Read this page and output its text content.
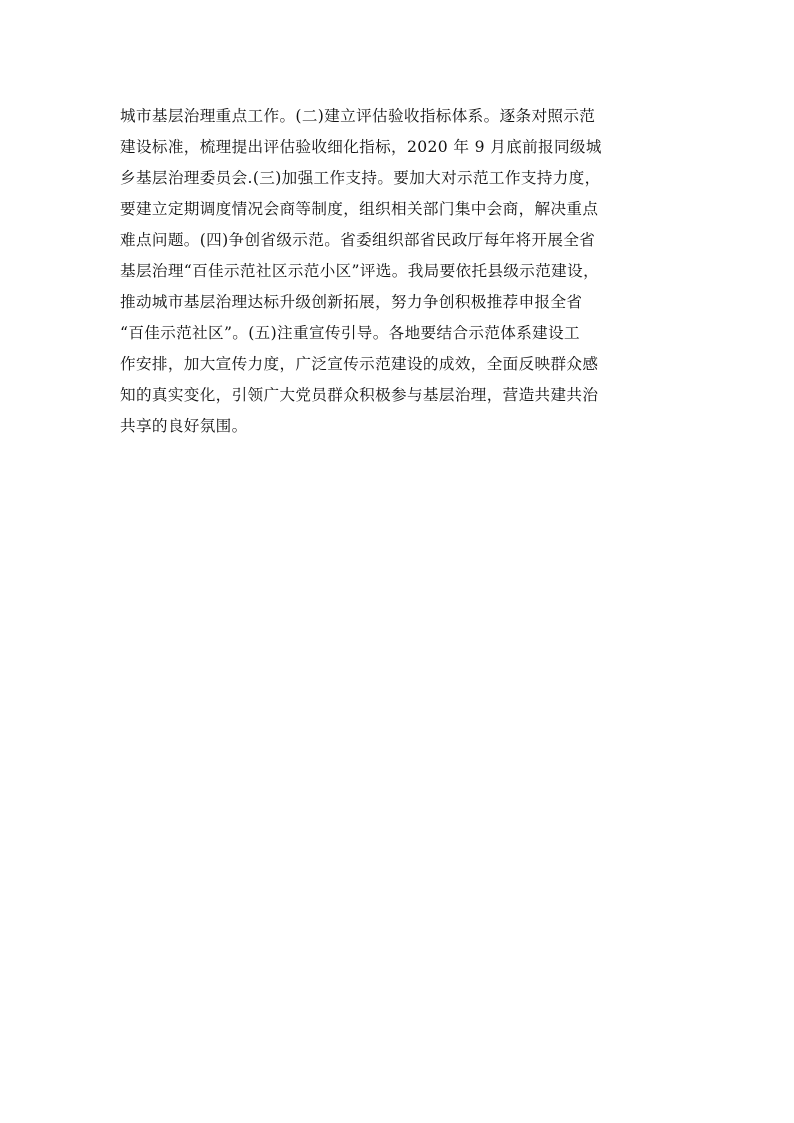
城市基层治理重点工作。(二)建立评估验收指标体系。逐条对照示范
建设标准，梳理提出评估验收细化指标，2020 年 9 月底前报同级城
乡基层治理委员会.(三)加强工作支持。要加大对示范工作支持力度，
要建立定期调度情况会商等制度，组织相关部门集中会商，解决重点
难点问题。(四)争创省级示范。省委组织部省民政厅每年将开展全省
基层治理“百佳示范社区示范小区”评选。我局要依托县级示范建设，
推动城市基层治理达标升级创新拓展，努力争创积极推荐申报全省
“百佳示范社区”。(五)注重宣传引导。各地要结合示范体系建设工
作安排，加大宣传力度，广泛宣传示范建设的成效，全面反映群众感
知的真实变化，引领广大党员群众积极参与基层治理，营造共建共治
共享的良好氛围。
